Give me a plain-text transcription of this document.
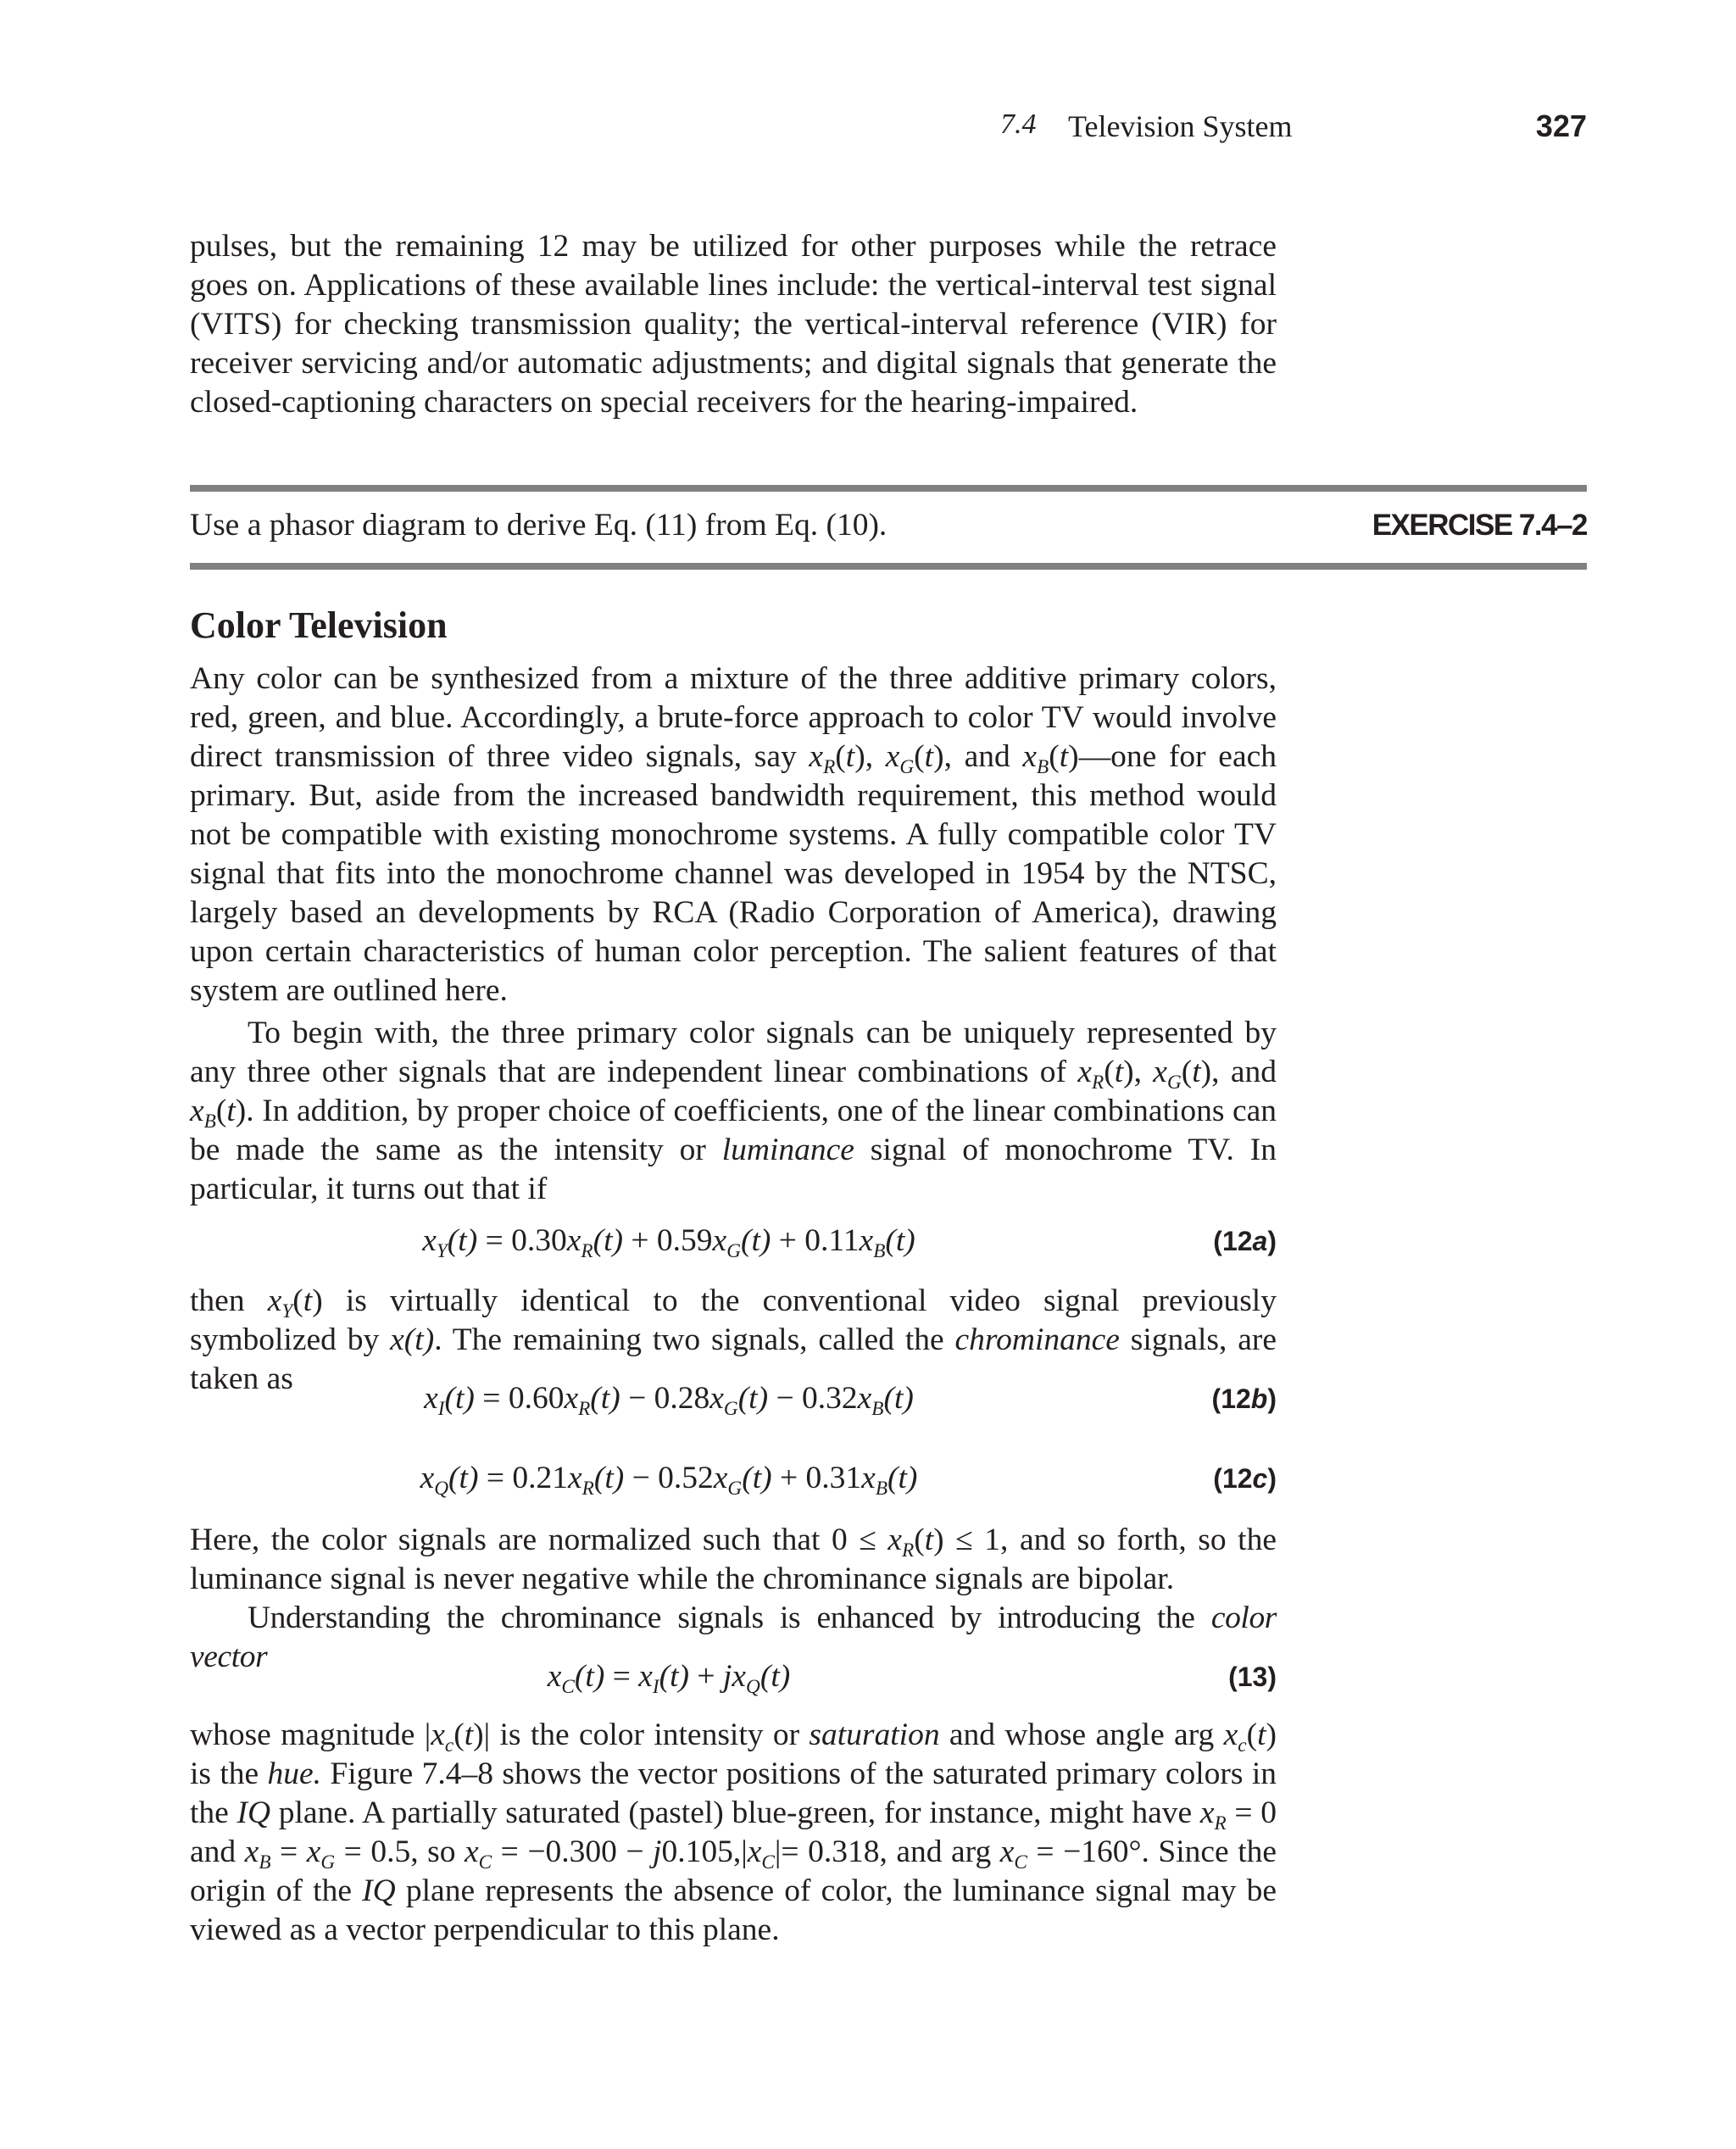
7.4 Television System	327

pulses, but the remaining 12 may be utilized for other purposes while the retrace goes on. Applications of these available lines include: the vertical-interval test signal (VITS) for checking transmission quality; the vertical-interval reference (VIR) for receiver servicing and/or automatic adjustments; and digital signals that generate the closed-captioning characters on special receivers for the hearing-impaired.

Use a phasor diagram to derive Eq. (11) from Eq. (10).	EXERCISE 7.4–2
Color Television

Any color can be synthesized from a mixture of the three additive primary colors, red, green, and blue. Accordingly, a brute-force approach to color TV would involve direct transmission of three video signals, say $x_R(t)$, $x_G(t)$, and $x_B(t)—one$ for each primary. But, aside from the increased bandwidth requirement, this method would not be compatible with existing monochrome systems. A fully compatible color TV signal that fits into the monochrome channel was developed in 1954 by the NTSC, largely based an developments by RCA (Radio Corporation of America), drawing upon certain characteristics of human color perception. The salient features of that system are outlined here.

To begin with, the three primary color signals can be uniquely represented by any three other signals that are independent linear combinations of $x_R(t)$, $x_G(t)$, and $x_B(t)$. In addition, by proper choice of coefficients, one of the linear combinations can be made the same as the intensity or luminance signal of monochrome TV. In particular, it turns out that if

$x_Y(t) = 0.30x_R(t) + 0.59x_G(t) + 0.11x_B(t)$	(12a)

then $x_Y(t)$ is virtually identical to the conventional video signal previously symbolized by x(t). The remaining two signals, called the chrominance signals, are taken as

$x_I(t) = 0.60x_R(t) - 0.28x_G(t) - 0.32x_B(t)$	(12b)
$x_Q(t) = 0.21x_R(t) - 0.52x_G(t) + 0.31x_B(t)$	(12c)

Here, the color signals are normalized such that $0 \le x_R(t) \le 1$, and so forth, so the luminance signal is never negative while the chrominance signals are bipolar.

Understanding the chrominance signals is enhanced by introducing the color vector

$x_C(t) = x_I(t) + jx_Q(t)$	(13)

whose magnitude $|x_c(t)|$ is the color intensity or saturation and whose angle arg $x_c(t)$ is the hue. Figure 7.4–8 shows the vector positions of the saturated primary colors in the IQ plane. A partially saturated (pastel) blue-green, for instance, might have $x_R = 0$ and $x_B = x_G = 0.5$, so $x_C = -0.300 - j0.105,|x_C|= 0.318$, and arg $x_C = -160^\circ$. Since the origin of the IQ plane represents the absence of color, the luminance signal may be viewed as a vector perpendicular to this plane.
